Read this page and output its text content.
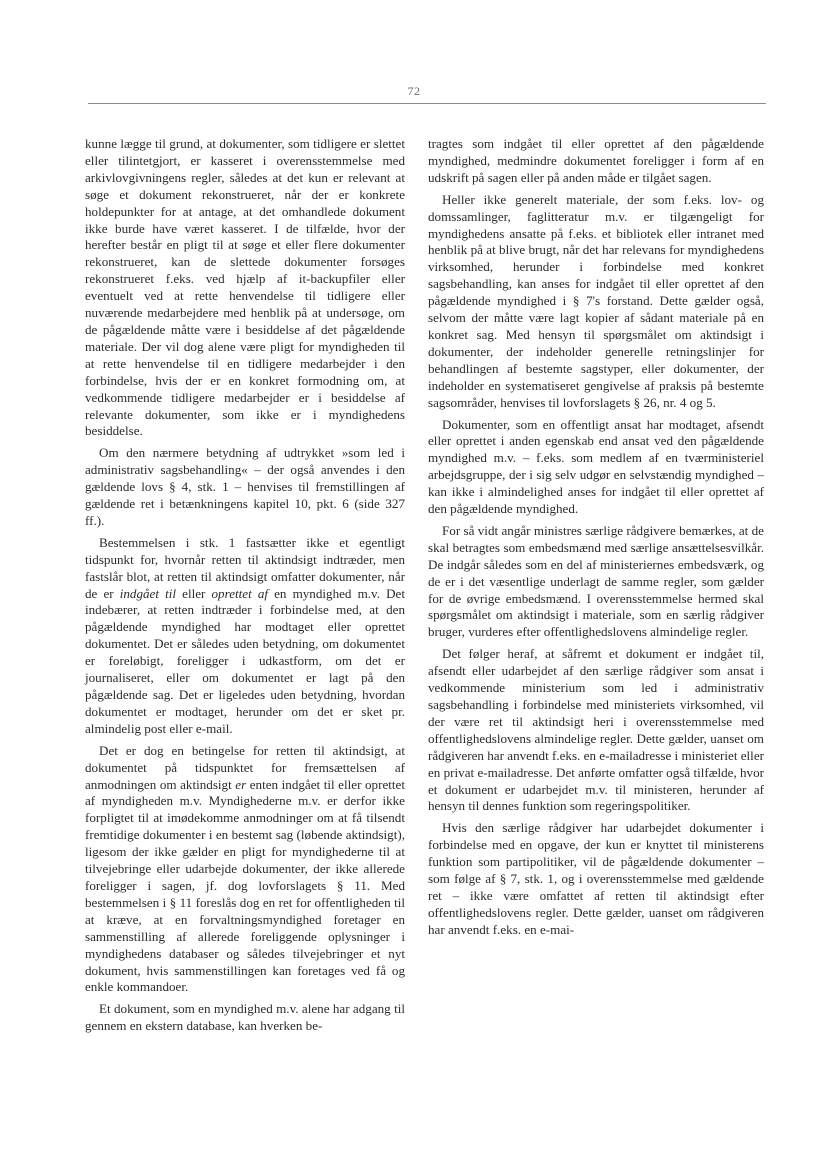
72

kunne lægge til grund, at dokumenter, som tidligere er slettet eller tilintetgjort, er kasseret i overensstemmelse med arkivlovgivningens regler, således at det kun er relevant at søge et dokument rekonstrueret, når der er konkrete holdepunkter for at antage, at det omhandlede dokument ikke burde have været kasseret. I de tilfælde, hvor der herefter består en pligt til at søge et eller flere dokumenter rekonstrueret, kan de slettede dokumenter forsøges rekonstrueret f.eks. ved hjælp af it-backupfiler eller eventuelt ved at rette henvendelse til tidligere eller nuværende medarbejdere med henblik på at undersøge, om de pågældende måtte være i besiddelse af det pågældende materiale. Der vil dog alene være pligt for myndigheden til at rette henvendelse til en tidligere medarbejder i den forbindelse, hvis der er en konkret formodning om, at vedkommende tidligere medarbejder er i besiddelse af relevante dokumenter, som ikke er i myndighedens besiddelse.

Om den nærmere betydning af udtrykket »som led i administrativ sagsbehandling« – der også anvendes i den gældende lovs § 4, stk. 1 – henvises til fremstillingen af gældende ret i betænkningens kapitel 10, pkt. 6 (side 327 ff.).

Bestemmelsen i stk. 1 fastsætter ikke et egentligt tidspunkt for, hvornår retten til aktindsigt indtræder, men fastslår blot, at retten til aktindsigt omfatter dokumenter, når de er indgået til eller oprettet af en myndighed m.v. Det indebærer, at retten indtræder i forbindelse med, at den pågældende myndighed har modtaget eller oprettet dokumentet. Det er således uden betydning, om dokumentet er foreløbigt, foreligger i udkastform, om det er journaliseret, eller om dokumentet er lagt på den pågældende sag. Det er ligeledes uden betydning, hvordan dokumentet er modtaget, herunder om det er sket pr. almindelig post eller e-mail.

Det er dog en betingelse for retten til aktindsigt, at dokumentet på tidspunktet for fremsættelsen af anmodningen om aktindsigt er enten indgået til eller oprettet af myndigheden m.v. Myndighederne m.v. er derfor ikke forpligtet til at imødekomme anmodninger om at få tilsendt fremtidige dokumenter i en bestemt sag (løbende aktindsigt), ligesom der ikke gælder en pligt for myndighederne til at tilvejebringe eller udarbejde dokumenter, der ikke allerede foreligger i sagen, jf. dog lovforslagets § 11. Med bestemmelsen i § 11 foreslås dog en ret for offentligheden til at kræve, at en forvaltningsmyndighed foretager en sammenstilling af allerede foreliggende oplysninger i myndighedens databaser og således tilvejebringer et nyt dokument, hvis sammenstillingen kan foretages ved få og enkle kommandoer.

Et dokument, som en myndighed m.v. alene har adgang til gennem en ekstern database, kan hverken be-

tragtes som indgået til eller oprettet af den pågældende myndighed, medmindre dokumentet foreligger i form af en udskrift på sagen eller på anden måde er tilgået sagen.

Heller ikke generelt materiale, der som f.eks. lov- og domssamlinger, faglitteratur m.v. er tilgængeligt for myndighedens ansatte på f.eks. et bibliotek eller intranet med henblik på at blive brugt, når det har relevans for myndighedens virksomhed, herunder i forbindelse med konkret sagsbehandling, kan anses for indgået til eller oprettet af den pågældende myndighed i § 7's forstand. Dette gælder også, selvom der måtte være lagt kopier af sådant materiale på en konkret sag. Med hensyn til spørgsmålet om aktindsigt i dokumenter, der indeholder generelle retningslinjer for behandlingen af bestemte sagstyper, eller dokumenter, der indeholder en systematiseret gengivelse af praksis på bestemte sagsområder, henvises til lovforslagets § 26, nr. 4 og 5.

Dokumenter, som en offentligt ansat har modtaget, afsendt eller oprettet i anden egenskab end ansat ved den pågældende myndighed m.v. – f.eks. som medlem af en tværministeriel arbejdsgruppe, der i sig selv udgør en selvstændig myndighed – kan ikke i almindelighed anses for indgået til eller oprettet af den pågældende myndighed.

For så vidt angår ministres særlige rådgivere bemærkes, at de skal betragtes som embedsmænd med særlige ansættelsesvilkår. De indgår således som en del af ministeriernes embedsværk, og de er i det væsentlige underlagt de samme regler, som gælder for de øvrige embedsmænd. I overensstemmelse hermed skal spørgsmålet om aktindsigt i materiale, som en særlig rådgiver bruger, vurderes efter offentlighedslovens almindelige regler.

Det følger heraf, at såfremt et dokument er indgået til, afsendt eller udarbejdet af den særlige rådgiver som ansat i vedkommende ministerium som led i administrativ sagsbehandling i forbindelse med ministeriets virksomhed, vil der være ret til aktindsigt heri i overensstemmelse med offentlighedslovens almindelige regler. Dette gælder, uanset om rådgiveren har anvendt f.eks. en e-mailadresse i ministeriet eller en privat e-mailadresse. Det anførte omfatter også tilfælde, hvor et dokument er udarbejdet m.v. til ministeren, herunder af hensyn til dennes funktion som regeringspolitiker.

Hvis den særlige rådgiver har udarbejdet dokumenter i forbindelse med en opgave, der kun er knyttet til ministerens funktion som partipolitiker, vil de pågældende dokumenter – som følge af § 7, stk. 1, og i overensstemmelse med gældende ret – ikke være omfattet af retten til aktindsigt efter offentlighedslovens regler. Dette gælder, uanset om rådgiveren har anvendt f.eks. en e-mai-
